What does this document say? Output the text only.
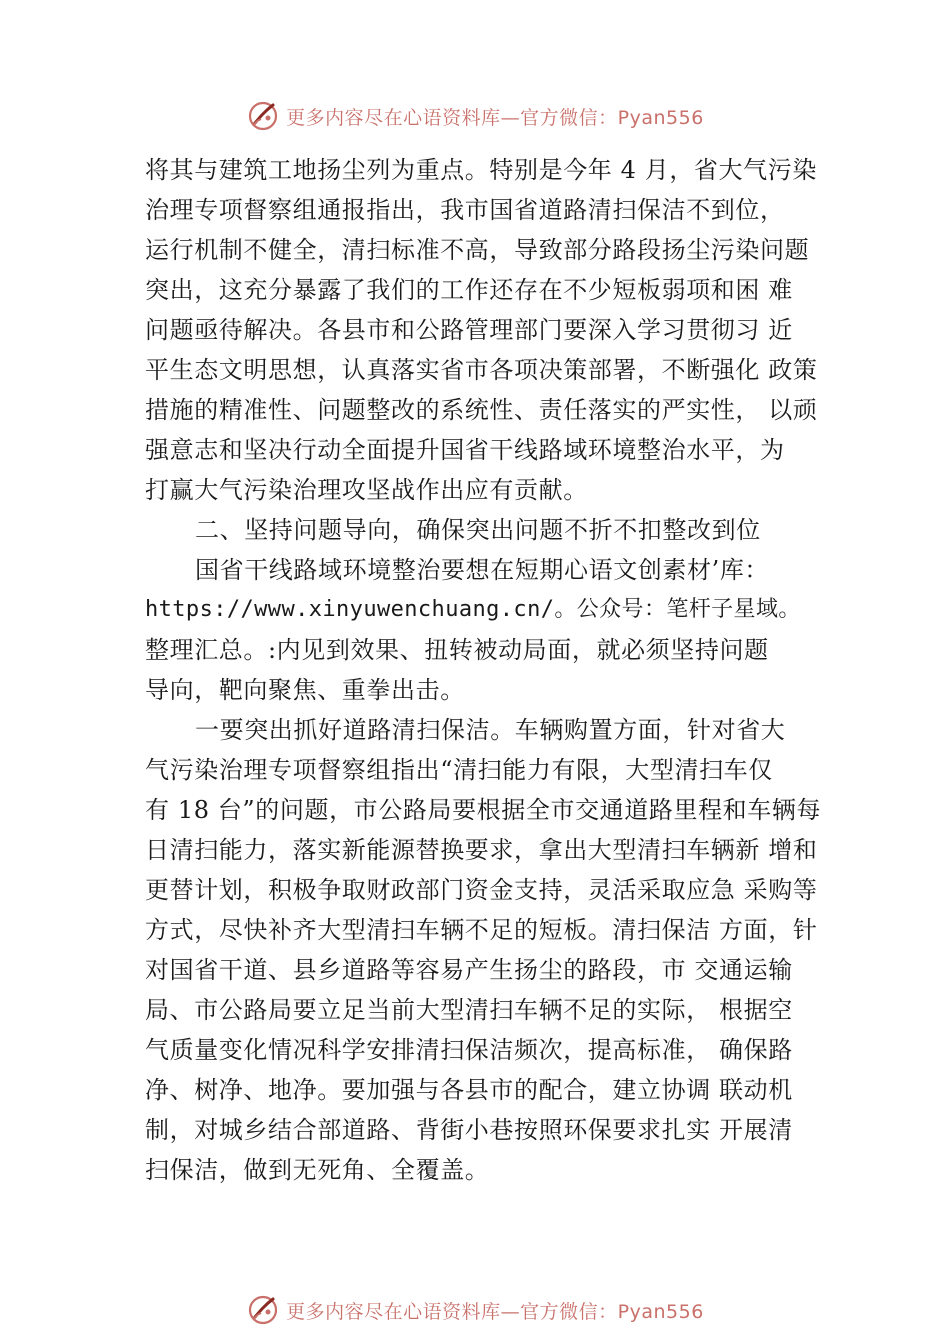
更多内容尽在心语资料库—官方微信：Pyan556
将其与建筑工地扬尘列为重点。特别是今年 4 月，省大气污染
治理专项督察组通报指出，我市国省道路清扫保洁不到位，
运行机制不健全，清扫标准不高，导致部分路段扬尘污染问题
突出，这充分暴露了我们的工作还存在不少短板弱项和困 难
问题亟待解决。各县市和公路管理部门要深入学习贯彻习 近
平生态文明思想，认真落实省市各项决策部署，不断强化 政策
措施的精准性、问题整改的系统性、责任落实的严实性， 以顽
强意志和坚决行动全面提升国省干线路域环境整治水平，为
打赢大气污染治理攻坚战作出应有贡献。
二、坚持问题导向，确保突出问题不折不扣整改到位
国省干线路域环境整治要想在短期心语文创素材’库：
https://www.xinyuwenchuang.cn/。公众号：笔杆子星域。
整理汇总。:内见到效果、扭转被动局面，就必须坚持问题
导向，靶向聚焦、重拳出击。
一要突出抓好道路清扫保洁。车辆购置方面，针对省大
气污染治理专项督察组指出“清扫能力有限，大型清扫车仅
有 18 台”的问题，市公路局要根据全市交通道路里程和车辆每
日清扫能力，落实新能源替换要求，拿出大型清扫车辆新 增和
更替计划，积极争取财政部门资金支持，灵活采取应急 采购等
方式，尽快补齐大型清扫车辆不足的短板。清扫保洁 方面，针
对国省干道、县乡道路等容易产生扬尘的路段，市 交通运输
局、市公路局要立足当前大型清扫车辆不足的实际， 根据空
气质量变化情况科学安排清扫保洁频次，提高标准， 确保路
净、树净、地净。要加强与各县市的配合，建立协调 联动机
制，对城乡结合部道路、背街小巷按照环保要求扎实 开展清
扫保洁，做到无死角、全覆盖。
更多内容尽在心语资料库—官方微信：Pyan556
